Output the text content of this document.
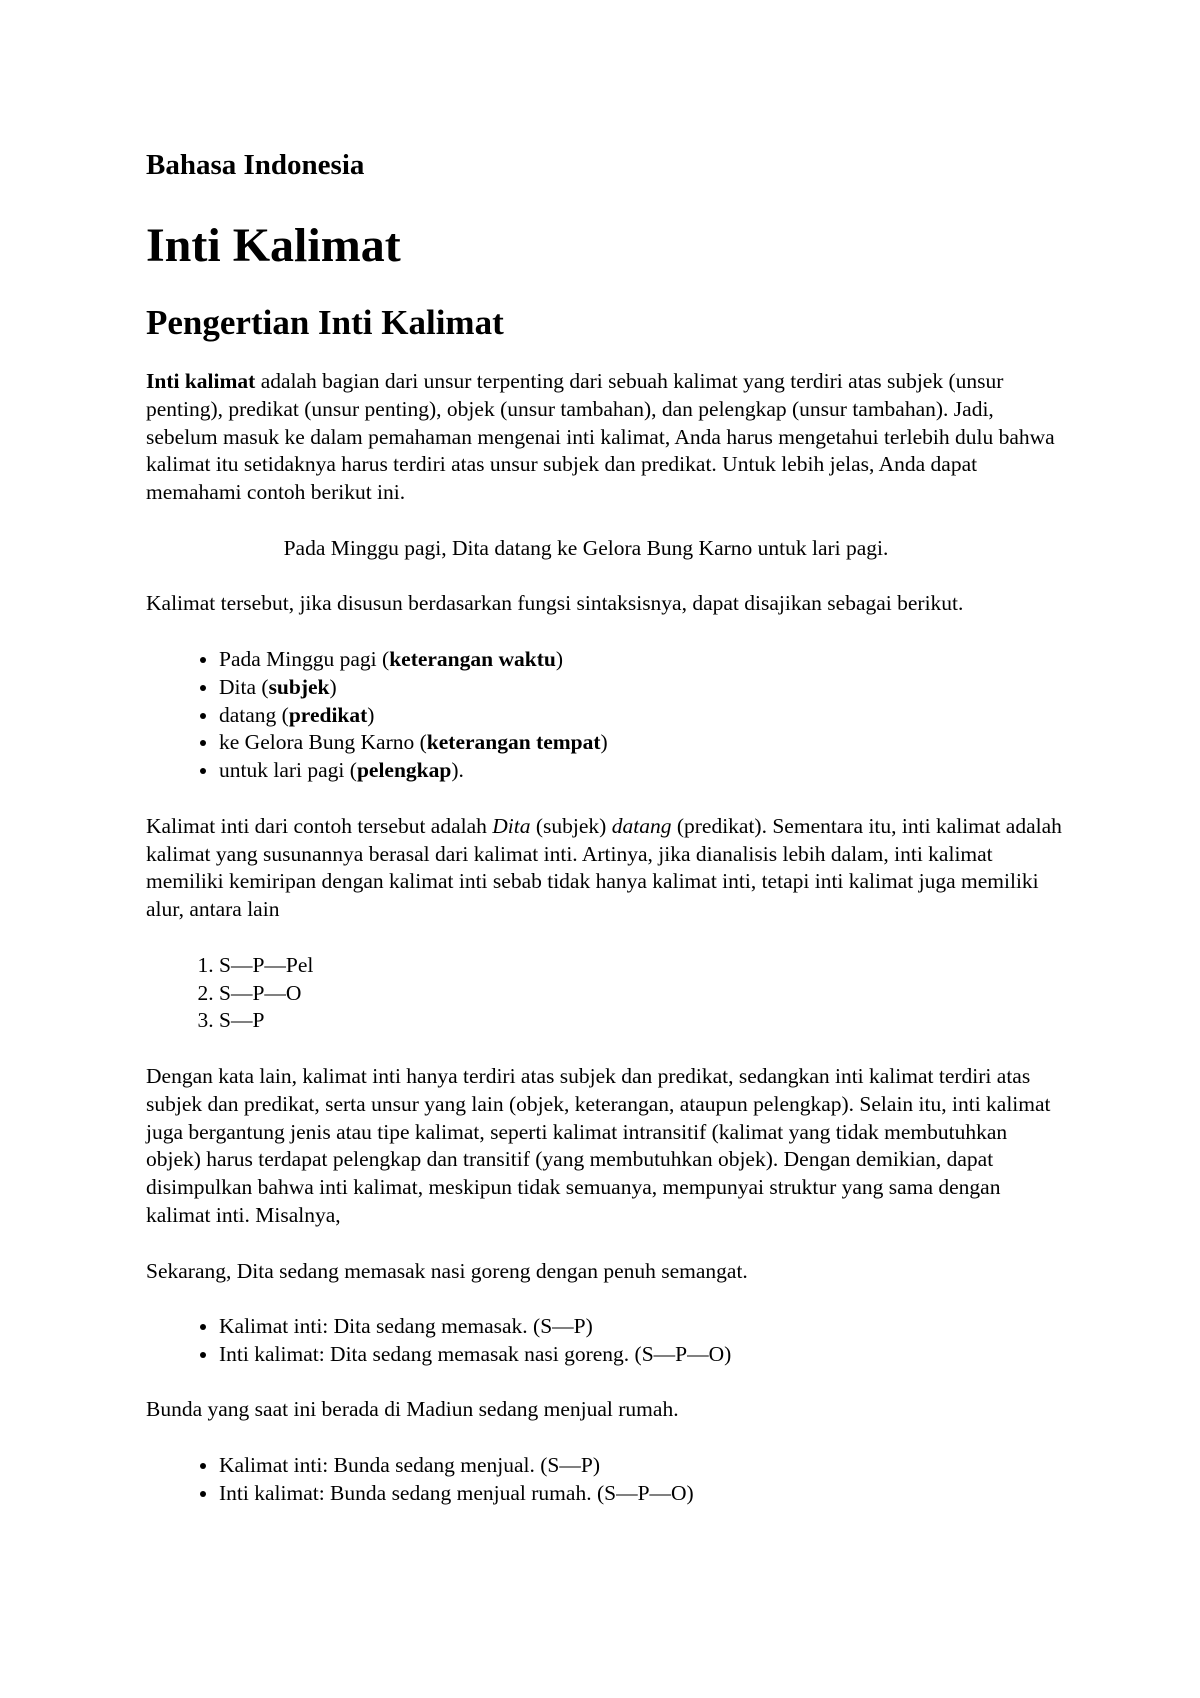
Bahasa Indonesia
Inti Kalimat
Pengertian Inti Kalimat

Inti kalimat adalah bagian dari unsur terpenting dari sebuah kalimat yang terdiri atas subjek (unsur penting), predikat (unsur penting), objek (unsur tambahan), dan pelengkap (unsur tambahan). Jadi, sebelum masuk ke dalam pemahaman mengenai inti kalimat, Anda harus mengetahui terlebih dulu bahwa kalimat itu setidaknya harus terdiri atas unsur subjek dan predikat. Untuk lebih jelas, Anda dapat memahami contoh berikut ini.

Pada Minggu pagi, Dita datang ke Gelora Bung Karno untuk lari pagi.

Kalimat tersebut, jika disusun berdasarkan fungsi sintaksisnya, dapat disajikan sebagai berikut.

• Pada Minggu pagi (keterangan waktu)
• Dita (subjek)
• datang (predikat)
• ke Gelora Bung Karno (keterangan tempat)
• untuk lari pagi (pelengkap).

Kalimat inti dari contoh tersebut adalah Dita (subjek) datang (predikat). Sementara itu, inti kalimat adalah kalimat yang susunannya berasal dari kalimat inti. Artinya, jika dianalisis lebih dalam, inti kalimat memiliki kemiripan dengan kalimat inti sebab tidak hanya kalimat inti, tetapi inti kalimat juga memiliki alur, antara lain

1. S—P—Pel
2. S—P—O
3. S—P

Dengan kata lain, kalimat inti hanya terdiri atas subjek dan predikat, sedangkan inti kalimat terdiri atas subjek dan predikat, serta unsur yang lain (objek, keterangan, ataupun pelengkap). Selain itu, inti kalimat juga bergantung jenis atau tipe kalimat, seperti kalimat intransitif (kalimat yang tidak membutuhkan objek) harus terdapat pelengkap dan transitif (yang membutuhkan objek). Dengan demikian, dapat disimpulkan bahwa inti kalimat, meskipun tidak semuanya, mempunyai struktur yang sama dengan kalimat inti. Misalnya,

Sekarang, Dita sedang memasak nasi goreng dengan penuh semangat.

• Kalimat inti: Dita sedang memasak. (S—P)
• Inti kalimat: Dita sedang memasak nasi goreng. (S—P—O)

Bunda yang saat ini berada di Madiun sedang menjual rumah.

• Kalimat inti: Bunda sedang menjual. (S—P)
• Inti kalimat: Bunda sedang menjual rumah. (S—P—O)
